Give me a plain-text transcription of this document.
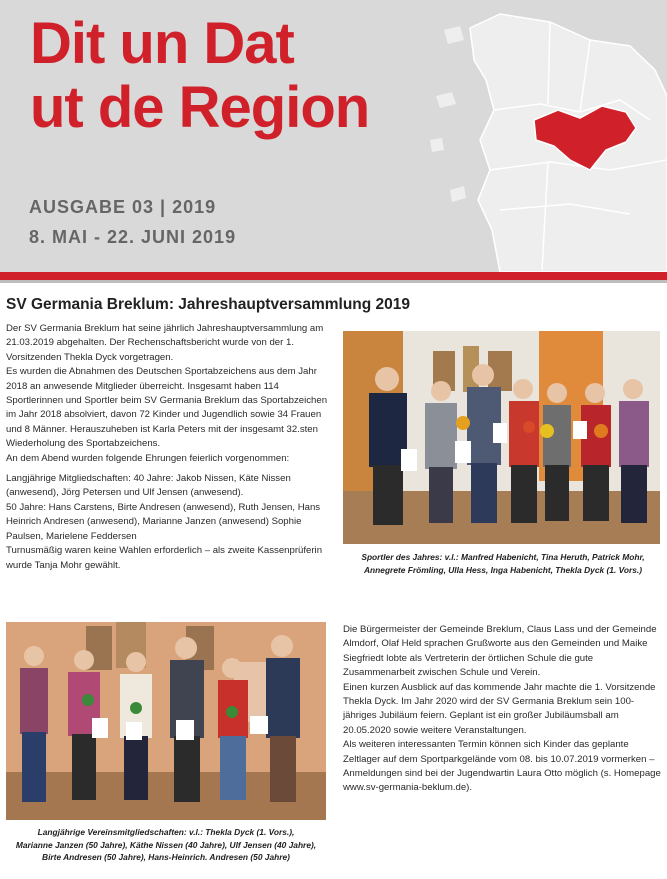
Dit un Dat
ut de Region
AUSGABE 03 | 2019
8. MAI - 22. JUNI 2019
SV Germania Breklum: Jahreshauptversammlung 2019

Der SV Germania Breklum hat seine jährlich Jahreshauptversammlung am 21.03.2019 abgehalten. Der Rechenschaftsbericht wurde von der 1. Vorsitzenden Thekla Dyck vorgetragen.

Es wurden die Abnahmen des Deutschen Sportabzeichens aus dem Jahr 2018 an anwesende Mitglieder überreicht. Insgesamt haben 114 Sportlerinnen und Sportler beim SV Germania Breklum das Sportabzeichen im Jahr 2018 absolviert, davon 72 Kinder und Jugendlich sowie 34 Frauen und 8 Männer. Herauszuheben ist Karla Peters mit der insgesamt 32.sten Wiederholung des Sportabzeichens.

An dem Abend wurden folgende Ehrungen feierlich vorgenommen:

Langjährige Mitgliedschaften: 40 Jahre: Jakob Nissen, Käte Nissen (anwesend), Jörg Petersen und Ulf Jensen (anwesend).

50 Jahre: Hans Carstens, Birte Andresen (anwesend), Ruth Jensen, Hans Heinrich Andresen (anwesend), Marianne Janzen (anwesend) Sophie Paulsen, Marielene Feddersen

Turnusmäßig waren keine Wahlen erforderlich – als zweite Kassenprüferin wurde Tanja Mohr gewählt.

Sportler des Jahres: v.l.: Manfred Habenicht, Tina Heruth, Patrick Mohr, Annegrete Frömling, Ulla Hess, Inga Habenicht, Thekla Dyck (1. Vors.)
Langjährige Vereinsmitgliedschaften: v.l.: Thekla Dyck (1. Vors.),
Marianne Janzen (50 Jahre), Käthe Nissen (40 Jahre), Ulf Jensen (40 Jahre),
Birte Andresen (50 Jahre), Hans-Heinrich. Andresen (50 Jahre)

Die Bürgermeister der Gemeinde Breklum, Claus Lass und der Gemeinde Almdorf, Olaf Held sprachen Grußworte aus den Gemeinden und Maike Siegfriedt lobte als Vertreterin der örtlichen Schule die gute Zusammenarbeit zwischen Schule und Verein.

Einen kurzen Ausblick auf das kommende Jahr machte die 1. Vorsitzende Thekla Dyck. Im Jahr 2020 wird der SV Germania Breklum sein 100-jähriges Jubiläum feiern. Geplant ist ein großer Jubiläumsball am 20.05.2020 sowie weitere Veranstaltungen.

Als weiteren interessanten Termin können sich Kinder das geplante Zeltlager auf dem Sportparkgelände vom 08. bis 10.07.2019 vormerken – Anmeldungen sind bei der Jugendwartin Laura Otto möglich (s. Homepage www.sv-germania-beklum.de).
